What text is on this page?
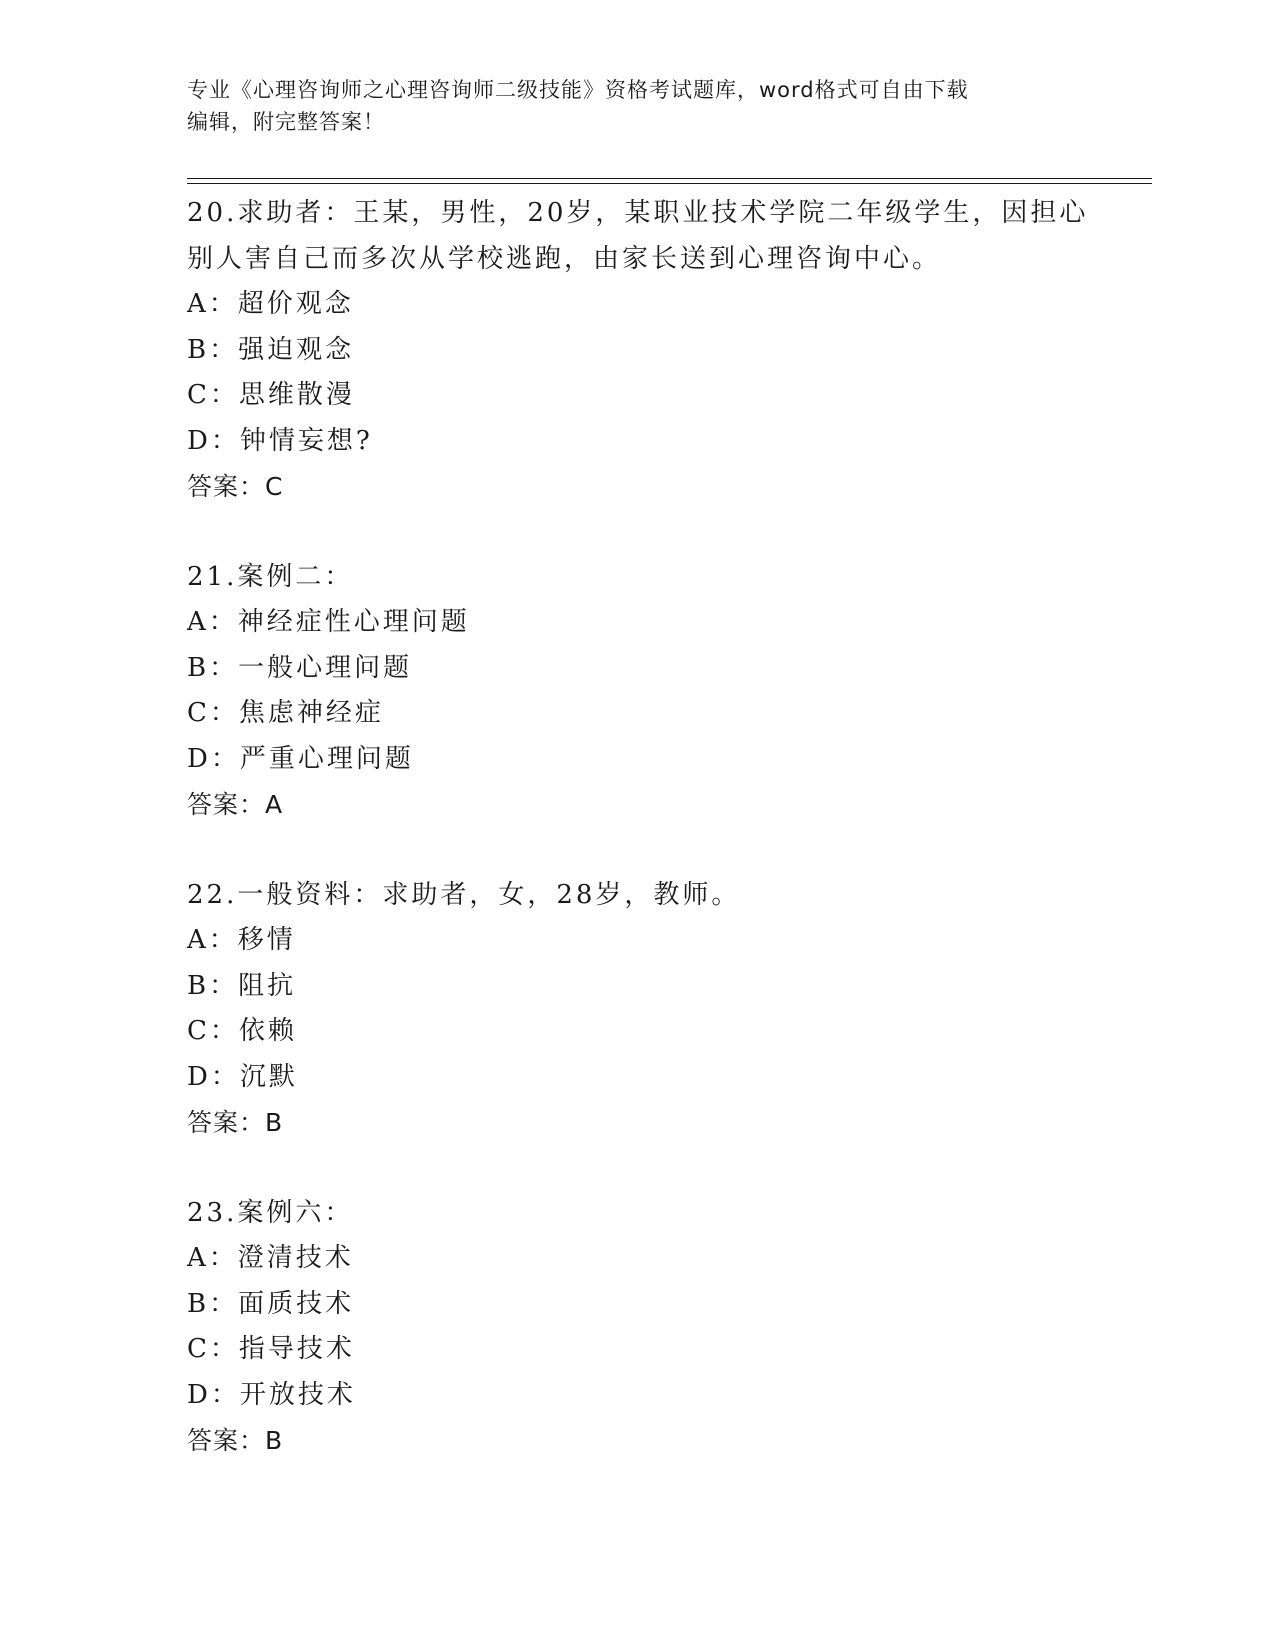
专业《心理咨询师之心理咨询师二级技能》资格考试题库，word格式可自由下载
编辑，附完整答案！
20.求助者：王某，男性，20岁，某职业技术学院二年级学生，因担心
别人害自己而多次从学校逃跑，由家长送到心理咨询中心。
A：超价观念
B：强迫观念
C：思维散漫
D：钟情妄想?
答案：C
21.案例二：
A：神经症性心理问题
B：一般心理问题
C：焦虑神经症
D：严重心理问题
答案：A
22.一般资料：求助者，女，28岁，教师。
A：移情
B：阻抗
C：依赖
D：沉默
答案：B
23.案例六：
A：澄清技术
B：面质技术
C：指导技术
D：开放技术
答案：B
